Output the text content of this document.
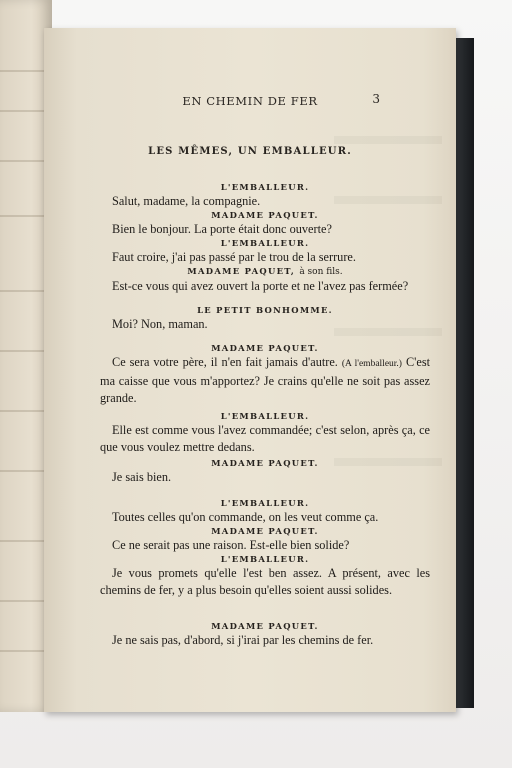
EN CHEMIN DE FER	3
LES MÊMES, UN EMBALLEUR.
L'EMBALLEUR.
Salut, madame, la compagnie.
MADAME PAQUET.
Bien le bonjour. La porte était donc ouverte?
L'EMBALLEUR.
Faut croire, j'ai pas passé par le trou de la serrure.
MADAME PAQUET, à son fils.
Est-ce vous qui avez ouvert la porte et ne l'avez pas fermée?
LE PETIT BONHOMME.
Moi? Non, maman.
MADAME PAQUET.
Ce sera votre père, il n'en fait jamais d'autre. (A l'emballeur.) C'est ma caisse que vous m'apportez? Je crains qu'elle ne soit pas assez grande.
L'EMBALLEUR.
Elle est comme vous l'avez commandée; c'est selon, après ça, ce que vous voulez mettre dedans.
MADAME PAQUET.
Je sais bien.
L'EMBALLEUR.
Toutes celles qu'on commande, on les veut comme ça.
MADAME PAQUET.
Ce ne serait pas une raison. Est-elle bien solide?
L'EMBALLEUR.
Je vous promets qu'elle l'est ben assez. A présent, avec les chemins de fer, y a plus besoin qu'elles soient aussi solides.
MADAME PAQUET.
Je ne sais pas, d'abord, si j'irai par les chemins de fer.
